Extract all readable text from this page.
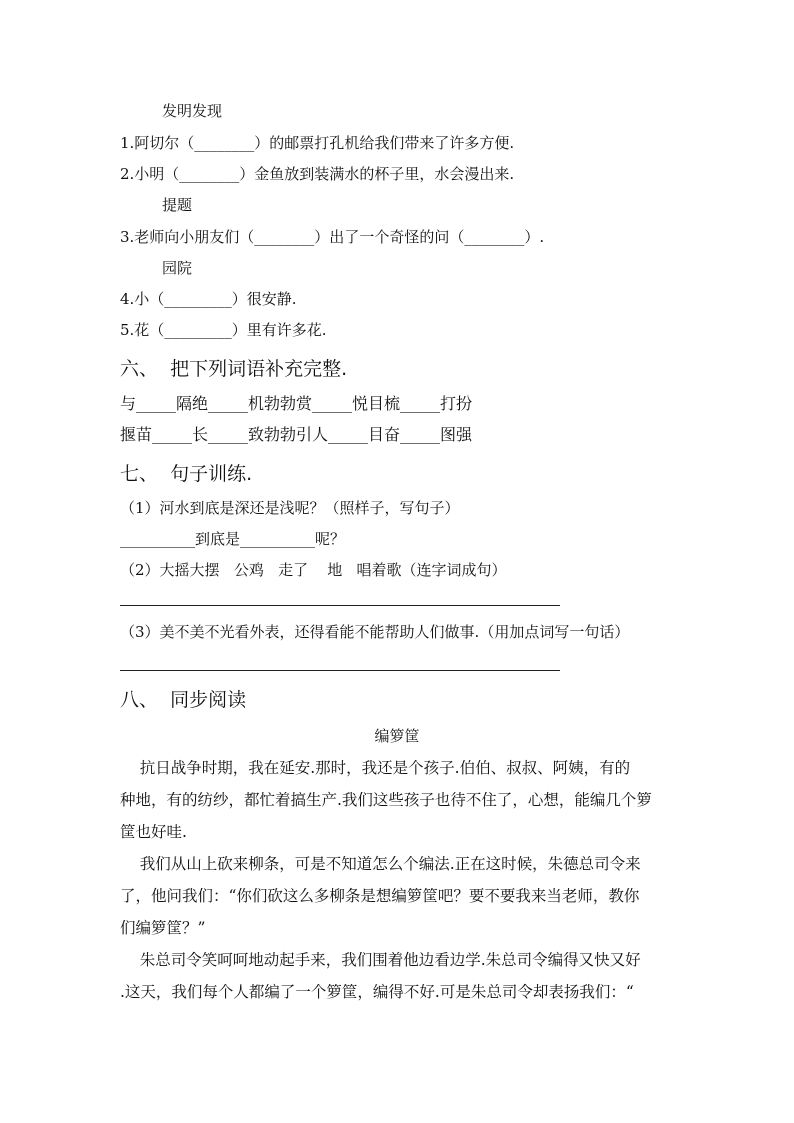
发明发现
1.阿切尔（________）的邮票打孔机给我们带来了许多方便.
2.小明（________）金鱼放到装满水的杯子里，水会漫出来.
提题
3.老师向小朋友们（________）出了一个奇怪的问（________）.
园院
4.小（_________）很安静.
5.花（_________）里有许多花.
六、  把下列词语补充完整.
与_____隔绝_____机勃勃赏_____悦目梳_____打扮
揠苗_____长_____致勃勃引人_____目奋_____图强
七、  句子训练.
（1）河水到底是深还是浅呢？（照样子，写句子）
__________到底是__________呢？
（2）大摇大摆   公鸡   走了    地   唱着歌（连字词成句）
（3）美不美不光看外表，还得看能不能帮助人们做事.（用加点词写一句话）
八、  同步阅读
编箩筐
抗日战争时期，我在延安.那时，我还是个孩子.伯伯、叔叔、阿姨，有的
种地，有的纺纱，都忙着搞生产.我们这些孩子也待不住了，心想，能编几个箩
筐也好哇.
我们从山上砍来柳条，可是不知道怎么个编法.正在这时候，朱德总司令来
了，他问我们：“你们砍这么多柳条是想编箩筐吧？要不要我来当老师，教你
们编箩筐？”
朱总司令笑呵呵地动起手来，我们围着他边看边学.朱总司令编得又快又好
.这天，我们每个人都编了一个箩筐，编得不好.可是朱总司令却表扬我们：“
